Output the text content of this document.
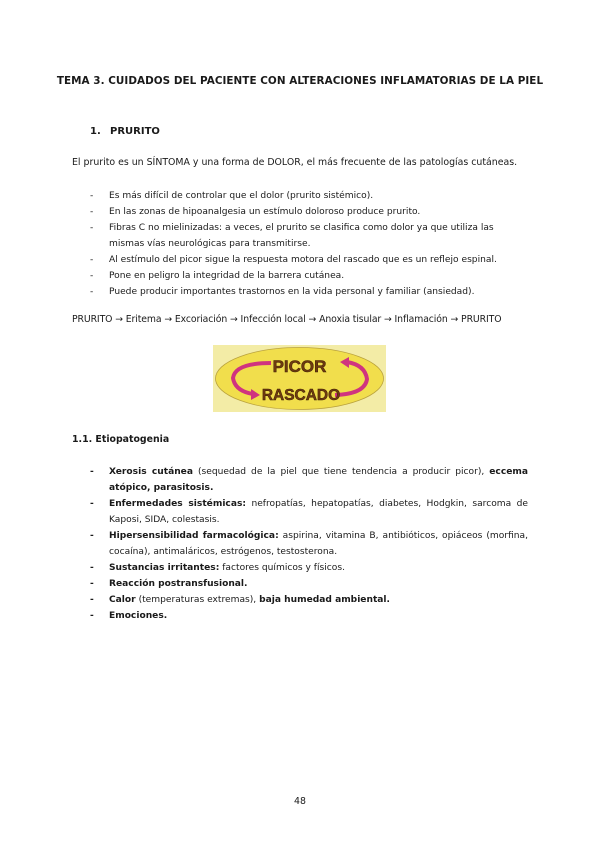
TEMA 3. CUIDADOS DEL PACIENTE CON ALTERACIONES INFLAMATORIAS DE LA PIEL
1. PRURITO
El prurito es un SÍNTOMA y una forma de DOLOR, el más frecuente de las patologías cutáneas.
- Es más difícil de controlar que el dolor (prurito sistémico).
- En las zonas de hipoanalgesia un estímulo doloroso produce prurito.
- Fibras C no mielinizadas: a veces, el prurito se clasifica como dolor ya que utiliza las mismas vías neurológicas para transmitirse.
- Al estímulo del picor sigue la respuesta motora del rascado que es un reflejo espinal.
- Pone en peligro la integridad de la barrera cutánea.
- Puede producir importantes trastornos en la vida personal y familiar (ansiedad).
PRURITO → Eritema → Excoriación → Infección local → Anoxia tisular → Inflamación → PRURITO
PICOR
RASCADO
1.1. Etiopatogenia
- Xerosis cutánea (sequedad de la piel que tiene tendencia a producir picor), eccema atópico, parasitosis.
- Enfermedades sistémicas: nefropatías, hepatopatías, diabetes, Hodgkin, sarcoma de Kaposi, SIDA, colestasis.
- Hipersensibilidad farmacológica: aspirina, vitamina B, antibióticos, opiáceos (morfina, cocaína), antimaláricos, estrógenos, testosterona.
- Sustancias irritantes: factores químicos y físicos.
- Reacción postransfusional.
- Calor (temperaturas extremas), baja humedad ambiental.
- Emociones.
48
